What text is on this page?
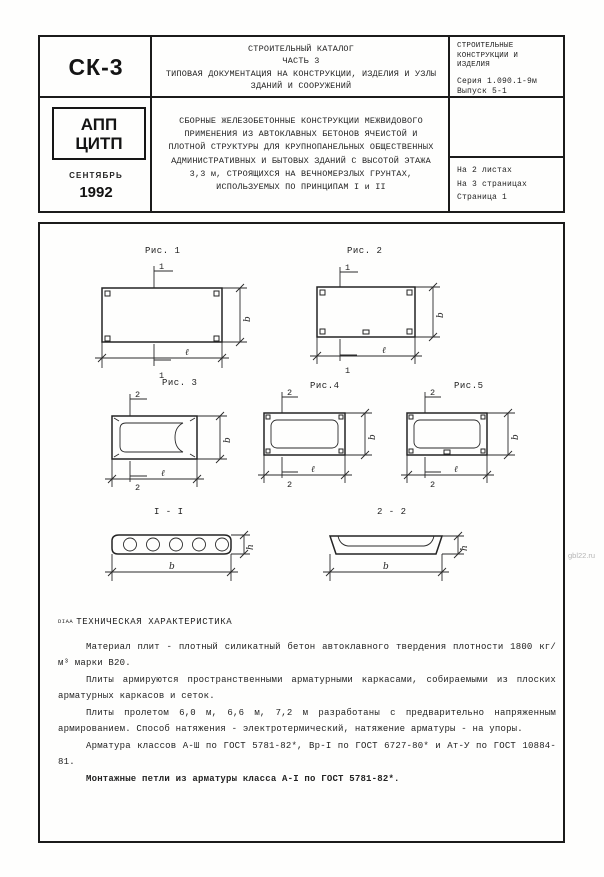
СК-3
СТРОИТЕЛЬНЫЙ КАТАЛОГ
ЧАСТЬ 3
ТИПОВАЯ ДОКУМЕНТАЦИЯ НА КОНСТРУКЦИИ, ИЗДЕЛИЯ И УЗЛЫ
ЗДАНИЙ И СООРУЖЕНИЙ
СТРОИТЕЛЬНЫЕ
КОНСТРУКЦИИ И
ИЗДЕЛИЯ
Серия 1.090.1-9м
Выпуск 5-1
АПП
ЦИТП
СЕНТЯБРЬ
1992
СБОРНЫЕ ЖЕЛЕЗОБЕТОННЫЕ КОНСТРУКЦИИ МЕЖВИДОВОГО
ПРИМЕНЕНИЯ ИЗ АВТОКЛАВНЫХ БЕТОНОВ ЯЧЕИСТОЙ И
ПЛОТНОЙ СТРУКТУРЫ ДЛЯ КРУПНОПАНЕЛЬНЫХ ОБЩЕСТВЕННЫХ
АДМИНИСТРАТИВНЫХ И БЫТОВЫХ ЗДАНИЙ С ВЫСОТОЙ ЭТАЖА
3,3 м, СТРОЯЩИХСЯ НА ВЕЧНОМЕРЗЛЫХ ГРУНТАХ,
ИСПОЛЬЗУЕМЫХ ПО ПРИНЦИПАМ I и II
На 2 листах
На 3 страницах
Страница 1
Рис. 1	Рис. 2
Рис. 3	Рис.4	Рис.5
I - I	2 - 2
1
1
ℓ
b
1
1
ℓ
b
2
2
ℓ
b
2
2
ℓ
b
2
2
ℓ
b
b
h
b
h
DIAA ТЕХНИЧЕСКАЯ ХАРАКТЕРИСТИКА

Материал плит - плотный силикатный бетон автоклавного твердения плотности 1800 кг/м³ марки В20.

Плиты армируются пространственными арматурными каркасами, собираемыми из плоских арматурных каркасов и сеток.

Плиты пролетом 6,0 м, 6,6 м, 7,2 м разработаны с предварительно напряженным армированием. Способ натяжения - электротермический, натяжение арматуры - на упоры.

Арматура классов А-Ш по ГОСТ 5781-82*, Вр-I по ГОСТ 6727-80* и Ат-У по ГОСТ 10884-81.

Монтажные петли из арматуры класса А-I по ГОСТ 5781-82*.

gbl22.ru
